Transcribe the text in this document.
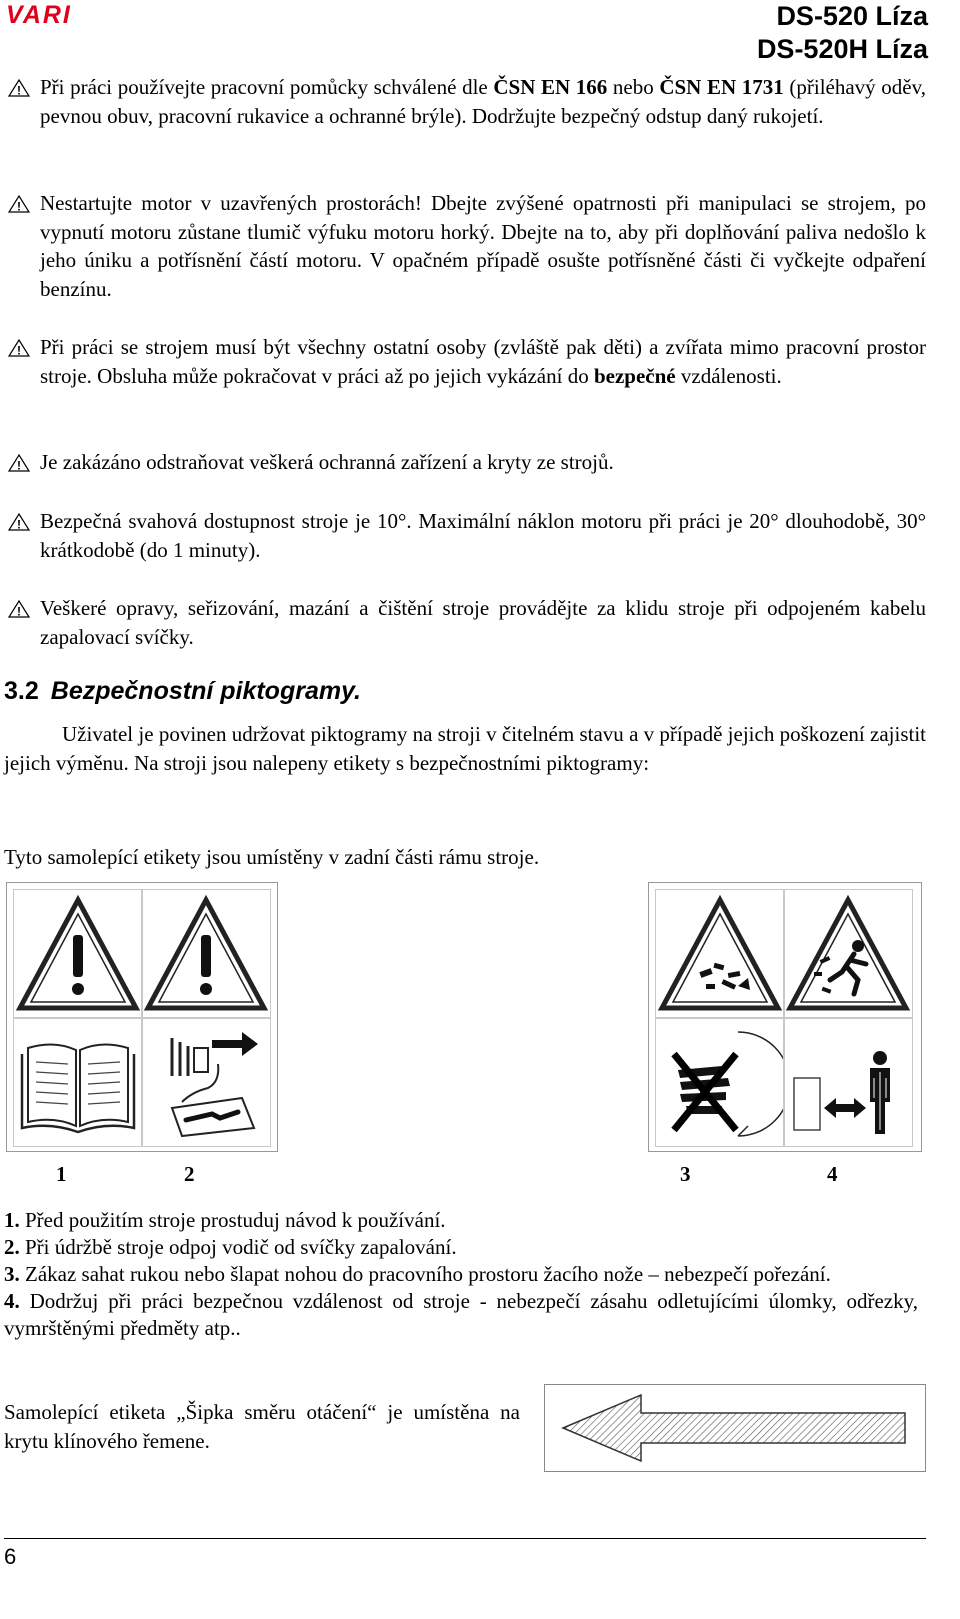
VARI	DS-520 Líza
DS-520H Líza
! Při práci používejte pracovní pomůcky schválené dle ČSN EN 166 nebo ČSN EN 1731 (přiléhavý oděv, pevnou obuv, pracovní rukavice a ochranné brýle). Dodržujte bezpečný odstup daný rukojetí.
! Nestartujte motor v uzavřených prostorách! Dbejte zvýšené opatrnosti při manipulaci se strojem, po vypnutí motoru zůstane tlumič výfuku motoru horký. Dbejte na to, aby při doplňování paliva nedošlo k jeho úniku a potřísnění částí motoru. V opačném případě osušte potřísněné části či vyčkejte odpaření benzínu.
! Při práci se strojem musí být všechny ostatní osoby (zvláště pak děti) a zvířata mimo pracovní prostor stroje. Obsluha může pokračovat v práci až po jejich vykázání do bezpečné vzdálenosti.
! Je zakázáno odstraňovat veškerá ochranná zařízení a kryty ze strojů.
! Bezpečná svahová dostupnost stroje je 10°. Maximální náklon motoru při práci je 20° dlouhodobě, 30° krátkodobě (do 1 minuty).
! Veškeré opravy, seřizování, mazání a čištění stroje provádějte za klidu stroje při odpojeném kabelu zapalovací svíčky.
3.2 Bezpečnostní piktogramy.
Uživatel je povinen udržovat piktogramy na stroji v čitelném stavu a v případě jejich poškození zajistit jejich výměnu. Na stroji jsou nalepeny etikety s bezpečnostními piktogramy:
Tyto samolepící etikety jsou umístěny v zadní části rámu stroje.
1	2	3	4
1. Před použitím stroje prostuduj návod k používání.
2. Při údržbě stroje odpoj vodič od svíčky zapalování.
3. Zákaz sahat rukou nebo šlapat nohou do pracovního prostoru žacího nože – nebezpečí pořezání.
4. Dodržuj při práci bezpečnou vzdálenost od stroje - nebezpečí zásahu odletujícími úlomky, odřezky, vymrštěnými předměty atp..
Samolepící etiketa „Šipka směru otáčení“ je umístěna na krytu klínového řemene.
6
